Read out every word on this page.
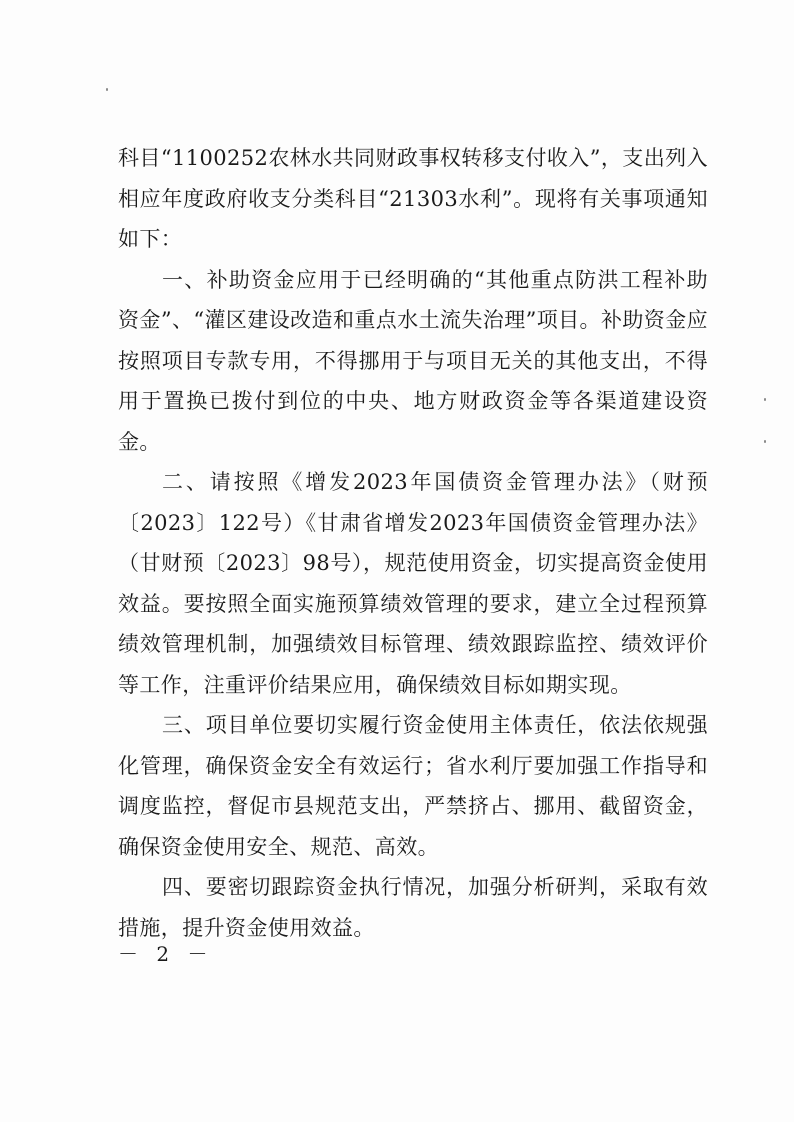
科目“1100252农林水共同财政事权转移支付收入”，支出列入相应年度政府收支分类科目“21303水利”。现将有关事项通知如下：

一、补助资金应用于已经明确的“其他重点防洪工程补助资金”、“灌区建设改造和重点水土流失治理”项目。补助资金应按照项目专款专用，不得挪用于与项目无关的其他支出，不得用于置换已拨付到位的中央、地方财政资金等各渠道建设资金。

二、请按照《增发2023年国债资金管理办法》（财预〔2023〕122号）《甘肃省增发2023年国债资金管理办法》（甘财预〔2023〕98号），规范使用资金，切实提高资金使用效益。要按照全面实施预算绩效管理的要求，建立全过程预算绩效管理机制，加强绩效目标管理、绩效跟踪监控、绩效评价等工作，注重评价结果应用，确保绩效目标如期实现。

三、项目单位要切实履行资金使用主体责任，依法依规强化管理，确保资金安全有效运行；省水利厅要加强工作指导和调度监控，督促市县规范支出，严禁挤占、挪用、截留资金，确保资金使用安全、规范、高效。

四、要密切跟踪资金执行情况，加强分析研判，采取有效措施，提升资金使用效益。

－ 2 －
